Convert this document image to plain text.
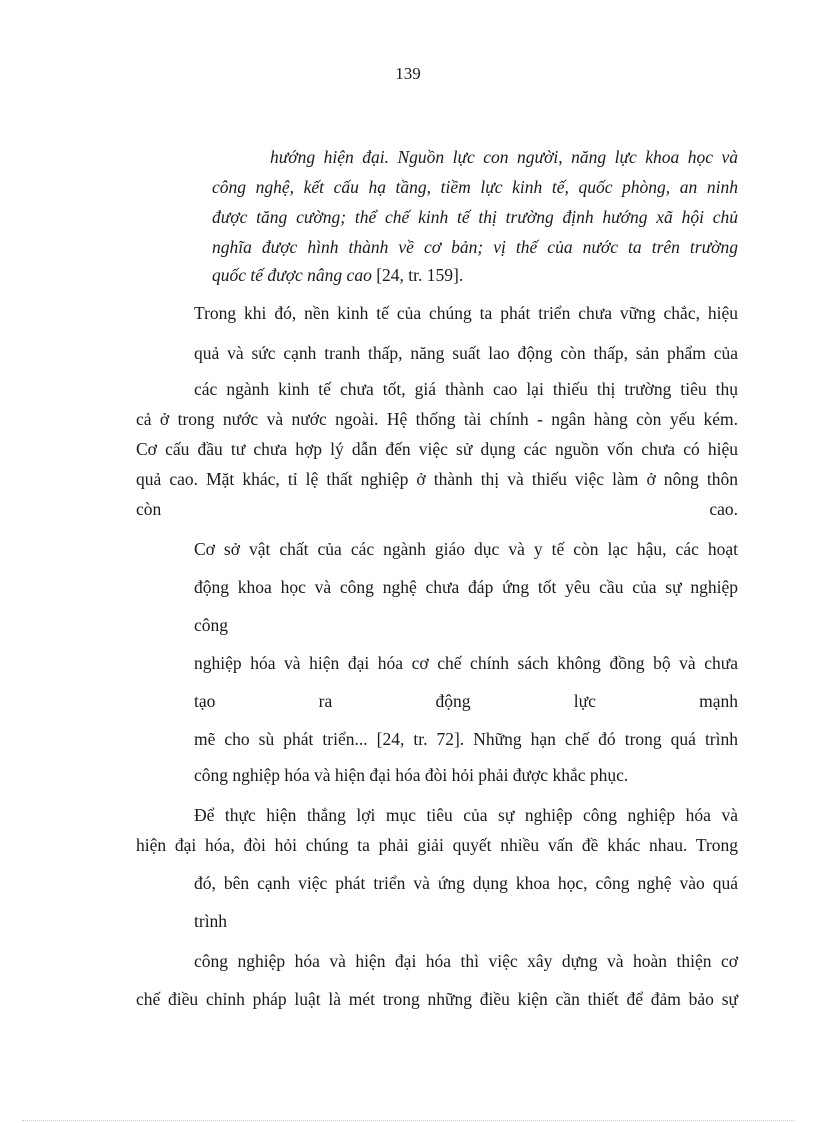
139
hướng hiện đại. Nguồn lực con người, năng lực khoa học và
công nghệ, kết cấu hạ tầng, tiềm lực kinh tế, quốc phòng, an ninh
được tăng cường; thể chế kinh tế thị trường định hướng xã hội chủ
nghĩa được hình thành về cơ bản; vị thế của nước ta trên trường
quốc tế được nâng cao [24, tr. 159].
Trong khi đó, nền kinh tế của chúng ta phát triển chưa vững chắc, hiệu
quả và sức cạnh tranh thấp, năng suất lao động còn thấp, sản phẩm của
các ngành kinh tế chưa tốt, giá thành cao lại thiếu thị trường tiêu thụ
cả ở trong nước và nước ngoài. Hệ thống tài chính - ngân hàng còn yếu kém.
Cơ cấu đầu tư chưa hợp lý dẫn đến việc sử dụng các nguồn vốn chưa có hiệu
quả cao. Mặt khác, tỉ lệ thất nghiệp ở thành thị và thiếu việc làm ở nông thôn
còn cao.
Cơ sở vật chất của các ngành giáo dục và y tế còn lạc hậu, các hoạt
động khoa học và công nghệ chưa đáp ứng tốt yêu cầu của sự nghiệp
công
nghiệp hóa và hiện đại hóa cơ chế chính sách không đồng bộ và chưa
tạo ra động lực mạnh
mẽ cho sù phát triển... [24, tr. 72]. Những hạn chế đó trong quá trình
công nghiệp hóa và hiện đại hóa đòi hỏi phải được khắc phục.
Để thực hiện thắng lợi mục tiêu của sự nghiệp công nghiệp hóa và
hiện đại hóa, đòi hỏi chúng ta phải giải quyết nhiều vấn đề khác nhau. Trong
đó, bên cạnh việc phát triển và ứng dụng khoa học, công nghệ vào quá
trình
công nghiệp hóa và hiện đại hóa thì việc xây dựng và hoàn thiện cơ
chế điều chỉnh pháp luật là mét trong những điều kiện cần thiết để đảm bảo sự
